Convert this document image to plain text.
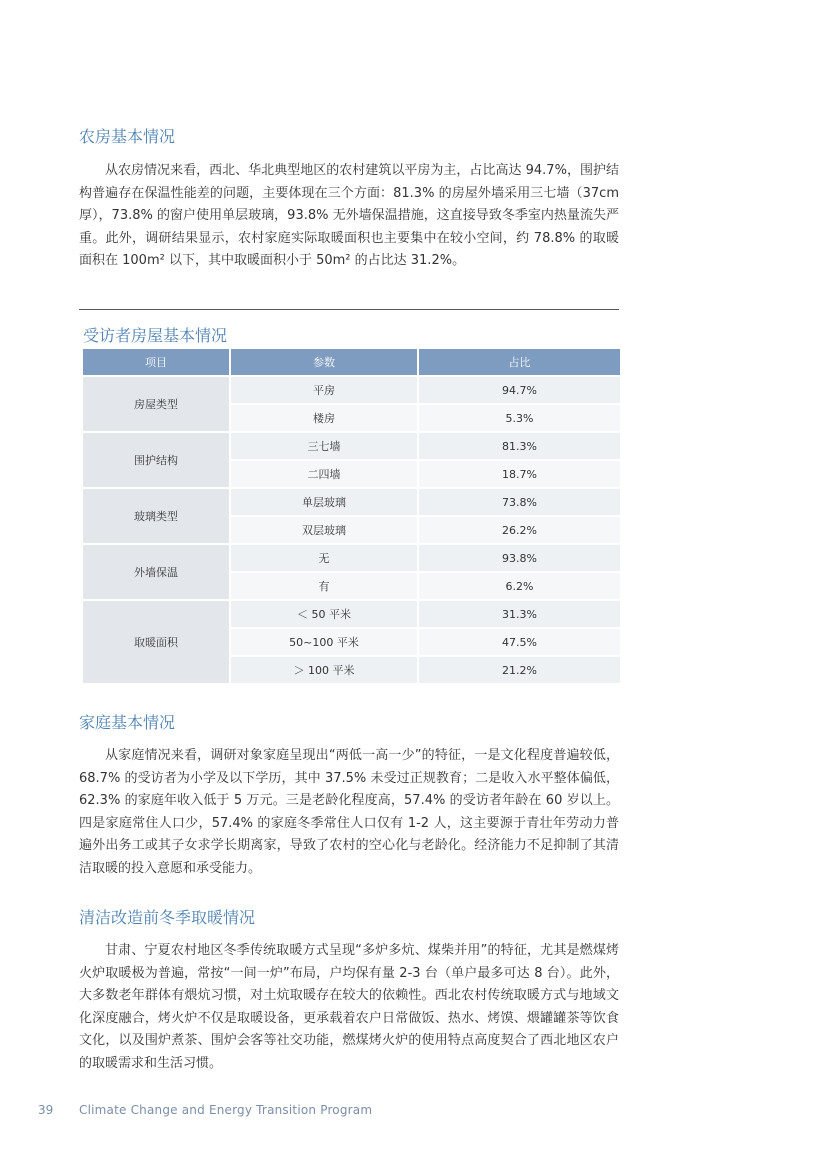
农房基本情况

从农房情况来看，西北、华北典型地区的农村建筑以平房为主，占比高达 94.7%，围护结构普遍存在保温性能差的问题，主要体现在三个方面：81.3% 的房屋外墙采用三七墙（37cm 厚），73.8% 的窗户使用单层玻璃，93.8% 无外墙保温措施，这直接导致冬季室内热量流失严重。此外，调研结果显示，农村家庭实际取暖面积也主要集中在较小空间，约 78.8% 的取暖面积在 100m² 以下，其中取暖面积小于 50m² 的占比达 31.2%。

受访者房屋基本情况
项目	参数	占比
房屋类型	平房	94.7%
	楼房	5.3%
围护结构	三七墙	81.3%
	二四墙	18.7%
玻璃类型	单层玻璃	73.8%
	双层玻璃	26.2%
外墙保温	无	93.8%
	有	6.2%
取暖面积	＜ 50 平米	31.3%
	50~100 平米	47.5%
	＞ 100 平米	21.2%
家庭基本情况

从家庭情况来看，调研对象家庭呈现出“两低一高一少”的特征，一是文化程度普遍较低，68.7% 的受访者为小学及以下学历，其中 37.5% 未受过正规教育；二是收入水平整体偏低，62.3% 的家庭年收入低于 5 万元。三是老龄化程度高，57.4% 的受访者年龄在 60 岁以上。四是家庭常住人口少，57.4% 的家庭冬季常住人口仅有 1-2 人，这主要源于青壮年劳动力普遍外出务工或其子女求学长期离家，导致了农村的空心化与老龄化。经济能力不足抑制了其清洁取暖的投入意愿和承受能力。

清洁改造前冬季取暖情况

甘肃、宁夏农村地区冬季传统取暖方式呈现“多炉多炕、煤柴并用”的特征，尤其是燃煤烤火炉取暖极为普遍，常按“一间一炉”布局，户均保有量 2-3 台（单户最多可达 8 台）。此外，大多数老年群体有煨炕习惯，对土炕取暖存在较大的依赖性。西北农村传统取暖方式与地域文化深度融合，烤火炉不仅是取暖设备，更承载着农户日常做饭、热水、烤馍、煨罐罐茶等饮食文化，以及围炉煮茶、围炉会客等社交功能，燃煤烤火炉的使用特点高度契合了西北地区农户的取暖需求和生活习惯。

39 Climate Change and Energy Transition Program
